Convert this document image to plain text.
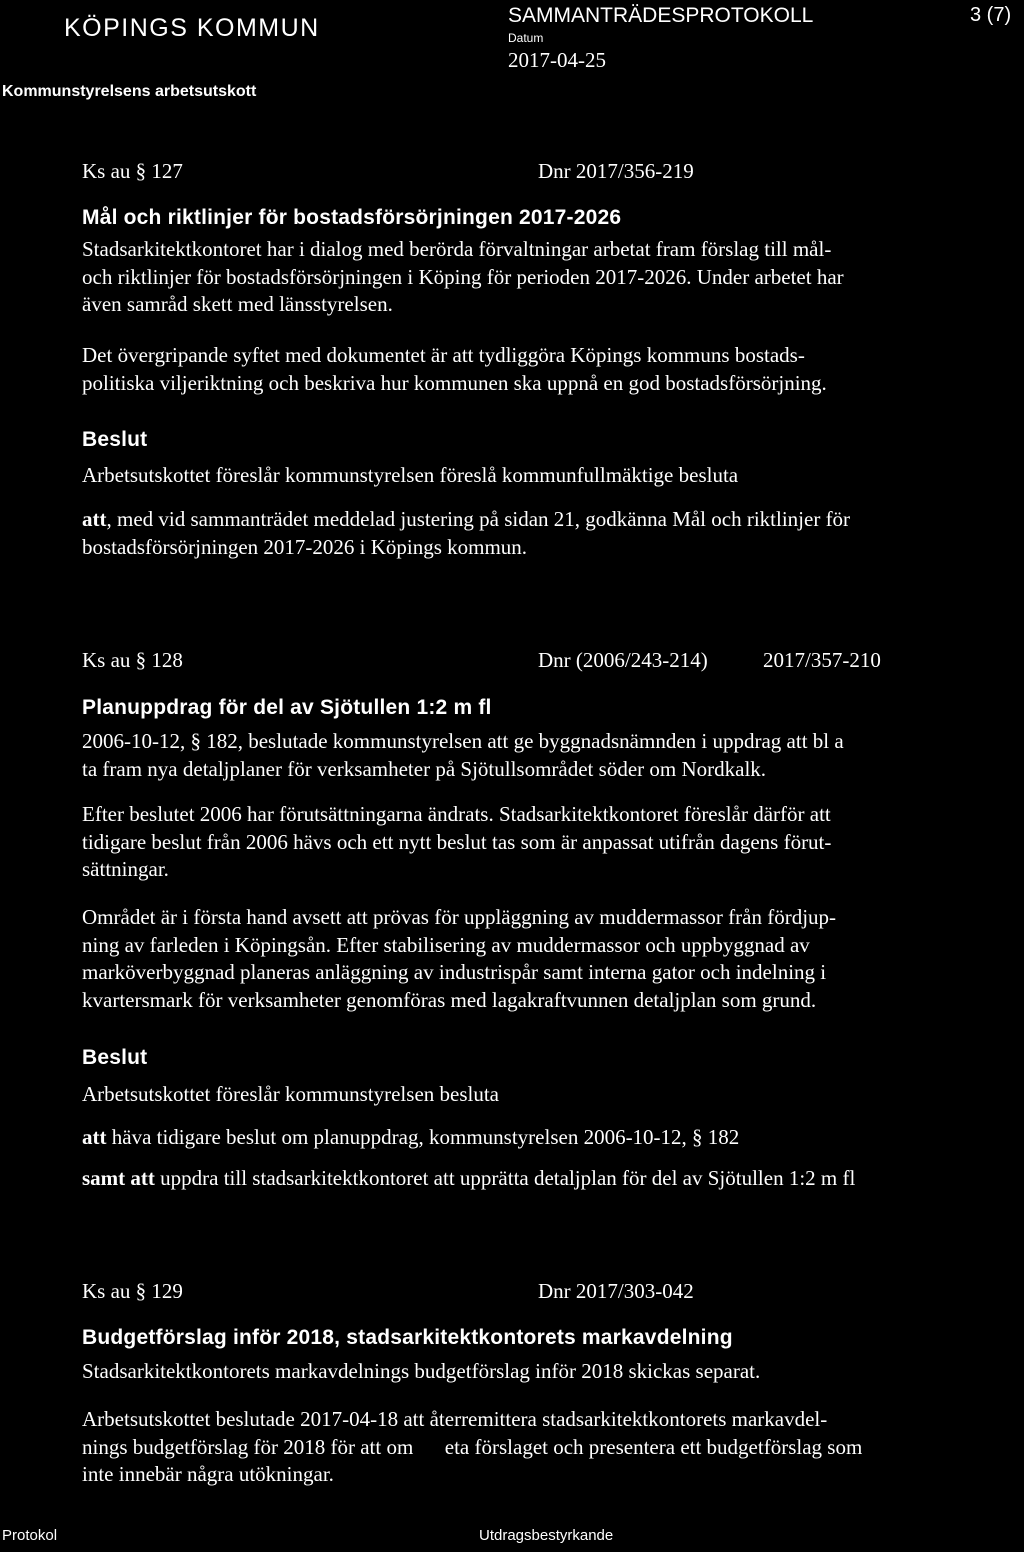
KÖPINGS KOMMUN
Kommunstyrelsens arbetsutskott
SAMMANTRÄDESPROTOKOLL
Datum
2017-04-25
3 (7)
Ks au § 127	Dnr 2017/356-219
Mål och riktlinjer för bostadsförsörjningen 2017-2026
Stadsarkitektkontoret har i dialog med berörda förvaltningar arbetat fram förslag till mål-
och riktlinjer för bostadsförsörjningen i Köping för perioden 2017-2026. Under arbetet har
även samråd skett med länsstyrelsen.
Det övergripande syftet med dokumentet är att tydliggöra Köpings kommuns bostads-
politiska viljeriktning och beskriva hur kommunen ska uppnå en god bostadsförsörjning.
Beslut
Arbetsutskottet föreslår kommunstyrelsen föreslå kommunfullmäktige besluta
att, med vid sammanträdet meddelad justering på sidan 21, godkänna Mål och riktlinjer för
bostadsförsörjningen 2017-2026 i Köpings kommun.
Ks au § 128	Dnr (2006/243-214)	2017/357-210
Planuppdrag för del av Sjötullen 1:2 m fl
2006-10-12, § 182, beslutade kommunstyrelsen att ge byggnadsnämnden i uppdrag att bl a
ta fram nya detaljplaner för verksamheter på Sjötullsområdet söder om Nordkalk.
Efter beslutet 2006 har förutsättningarna ändrats. Stadsarkitektkontoret föreslår därför att
tidigare beslut från 2006 hävs och ett nytt beslut tas som är anpassat utifrån dagens förut-
sättningar.
Området är i första hand avsett att prövas för uppläggning av muddermassor från fördjup-
ning av farleden i Köpingsån. Efter stabilisering av muddermassor och uppbyggnad av
marköverbyggnad planeras anläggning av industrispår samt interna gator och indelning i
kvartersmark för verksamheter genomföras med lagakraftvunnen detaljplan som grund.
Beslut
Arbetsutskottet föreslår kommunstyrelsen besluta
att häva tidigare beslut om planuppdrag, kommunstyrelsen 2006-10-12, § 182
samt att uppdra till stadsarkitektkontoret att upprätta detaljplan för del av Sjötullen 1:2 m fl
Ks au § 129	Dnr 2017/303-042
Budgetförslag inför 2018, stadsarkitektkontorets markavdelning
Stadsarkitektkontorets markavdelnings budgetförslag inför 2018 skickas separat.
Arbetsutskottet beslutade 2017-04-18 att återremittera stadsarkitektkontorets markavdel-
nings budgetförslag för 2018 för att om      eta förslaget och presentera ett budgetförslag som
inte innebär några utökningar.
Protokol	Utdragsbestyrkande
